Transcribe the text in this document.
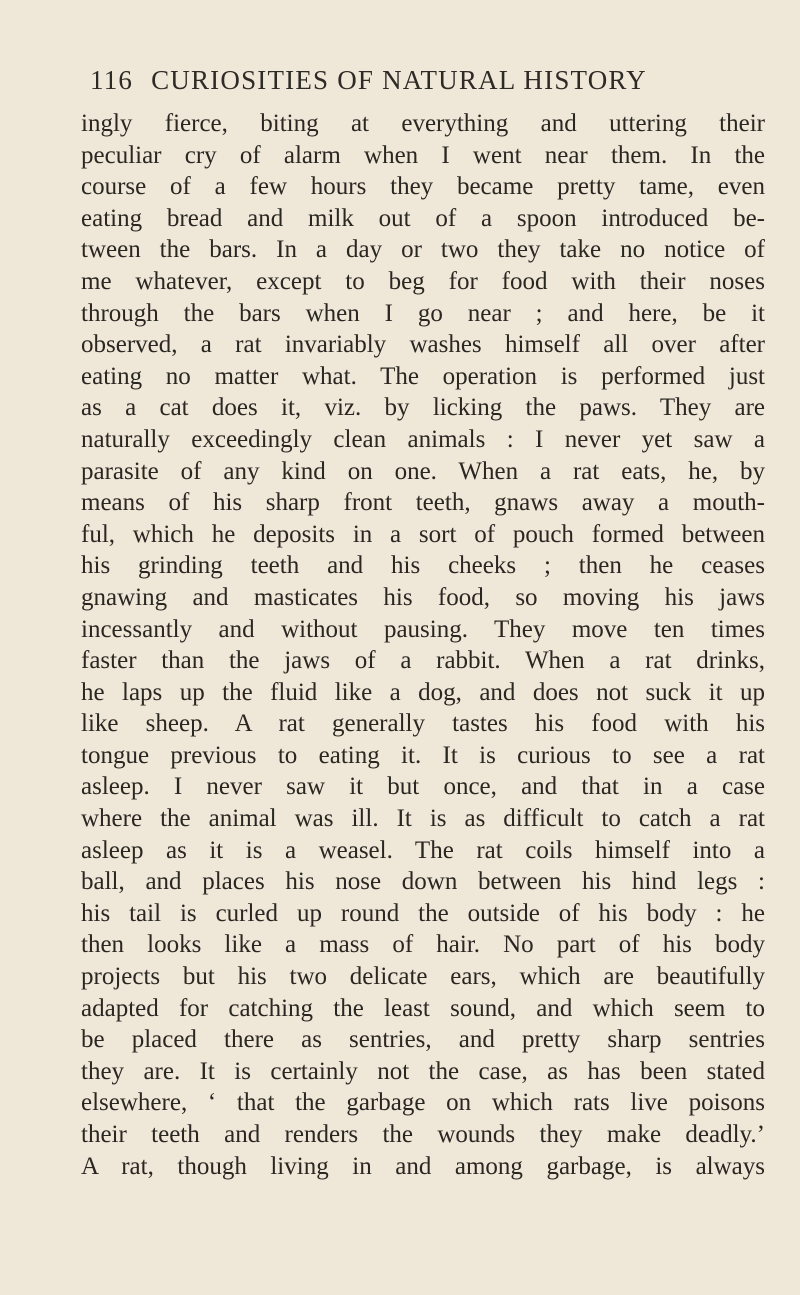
116 CURIOSITIES OF NATURAL HISTORY
ingly fierce, biting at everything and uttering their
peculiar cry of alarm when I went near them. In the
course of a few hours they became pretty tame, even
eating bread and milk out of a spoon introduced be-
tween the bars. In a day or two they take no notice of
me whatever, except to beg for food with their noses
through the bars when I go near ; and here, be it
observed, a rat invariably washes himself all over after
eating no matter what. The operation is performed just
as a cat does it, viz. by licking the paws. They are
naturally exceedingly clean animals : I never yet saw a
parasite of any kind on one. When a rat eats, he, by
means of his sharp front teeth, gnaws away a mouth-
ful, which he deposits in a sort of pouch formed between
his grinding teeth and his cheeks ; then he ceases
gnawing and masticates his food, so moving his jaws
incessantly and without pausing. They move ten times
faster than the jaws of a rabbit. When a rat drinks,
he laps up the fluid like a dog, and does not suck it up
like sheep. A rat generally tastes his food with his
tongue previous to eating it. It is curious to see a rat
asleep. I never saw it but once, and that in a case
where the animal was ill. It is as difficult to catch a rat
asleep as it is a weasel. The rat coils himself into a
ball, and places his nose down between his hind legs :
his tail is curled up round the outside of his body : he
then looks like a mass of hair. No part of his body
projects but his two delicate ears, which are beautifully
adapted for catching the least sound, and which seem to
be placed there as sentries, and pretty sharp sentries
they are. It is certainly not the case, as has been stated
elsewhere, ‘ that the garbage on which rats live poisons
their teeth and renders the wounds they make deadly.’
A rat, though living in and among garbage, is always
